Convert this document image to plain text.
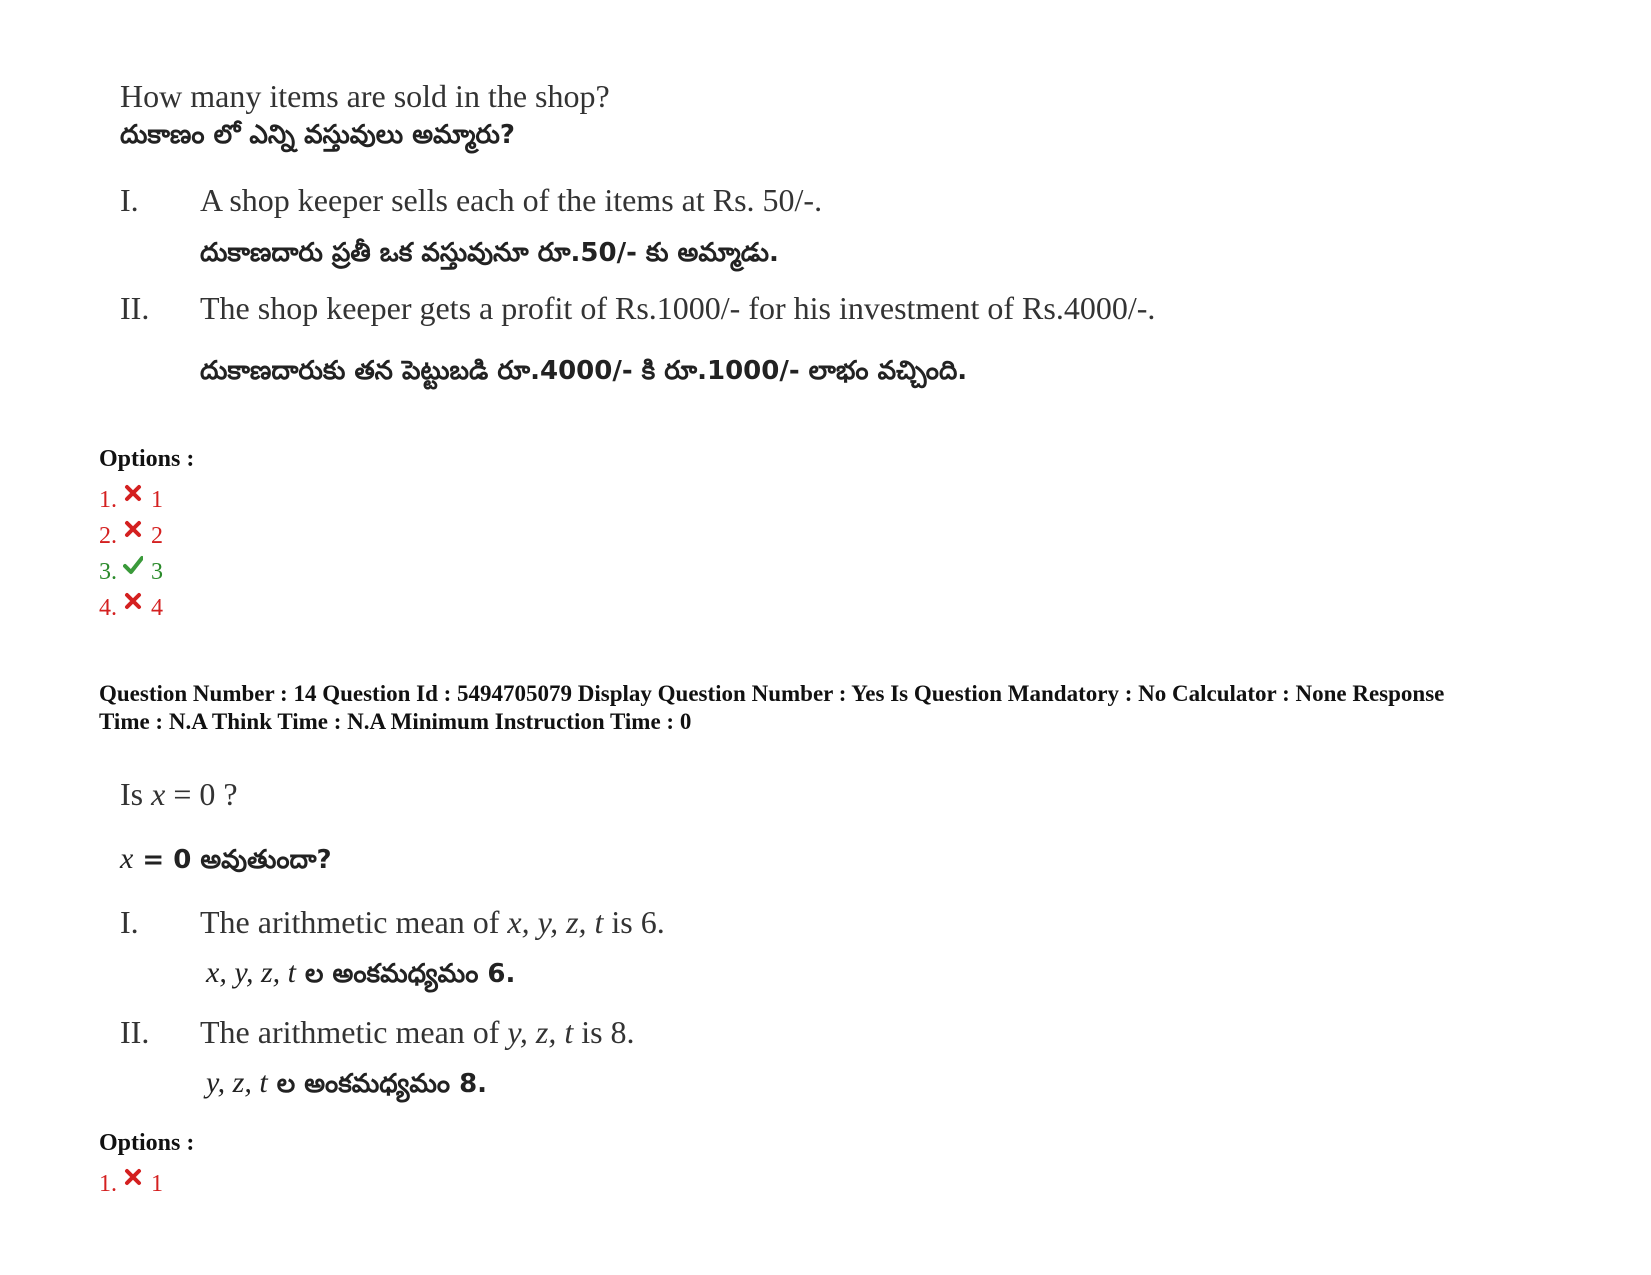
How many items are sold in the shop?
దుకాణం లో ఎన్ని వస్తువులు అమ్మారు?
I. A shop keeper sells each of the items at Rs. 50/-.
దుకాణదారు ప్రతీ ఒక వస్తువునూ రూ.50/- కు అమ్మాడు.
II. The shop keeper gets a profit of Rs.1000/- for his investment of Rs.4000/-.
దుకాణదారుకు తన పెట్టుబడి రూ.4000/- కి రూ.1000/- లాభం వచ్చింది.
Options :
1. 1
2. 2
3. 3
4. 4
Question Number : 14 Question Id : 5494705079 Display Question Number : Yes Is Question Mandatory : No Calculator : None Response
Time : N.A Think Time : N.A Minimum Instruction Time : 0
Is x = 0 ?
x = 0 అవుతుందా?
I. The arithmetic mean of x, y, z, t is 6.
x, y, z, t ల అంకమధ్యమం 6.
II. The arithmetic mean of y, z, t is 8.
y, z, t ల అంకమధ్యమం 8.
Options :
1. 1
